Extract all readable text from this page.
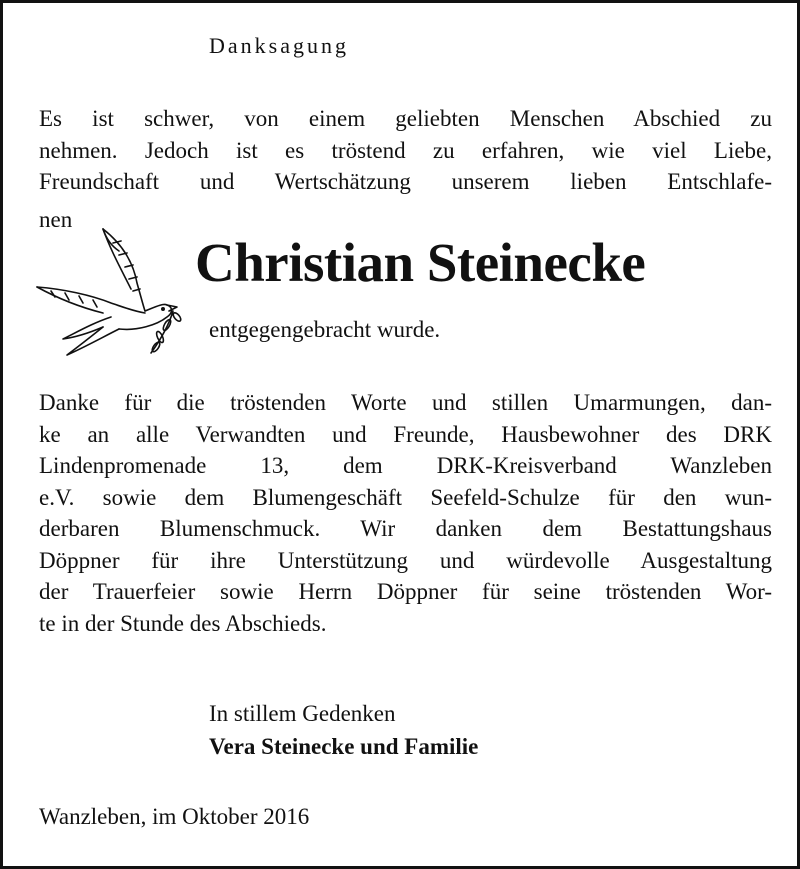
Danksagung
Es ist schwer, von einem geliebten Menschen Abschied zu
nehmen. Jedoch ist es tröstend zu erfahren, wie viel Liebe,
Freundschaft und Wertschätzung unserem lieben Entschlafe-
nen
Christian Steinecke
entgegengebracht wurde.
Danke für die tröstenden Worte und stillen Umarmungen, dan-
ke an alle Verwandten und Freunde, Hausbewohner des DRK
Lindenpromenade 13, dem DRK-Kreisverband Wanzleben
e.V. sowie dem Blumengeschäft Seefeld-Schulze für den wun-
derbaren Blumenschmuck. Wir danken dem Bestattungshaus
Döppner für ihre Unterstützung und würdevolle Ausgestaltung
der Trauerfeier sowie Herrn Döppner für seine tröstenden Wor-
te in der Stunde des Abschieds.
In stillem Gedenken
Vera Steinecke und Familie
Wanzleben, im Oktober 2016
